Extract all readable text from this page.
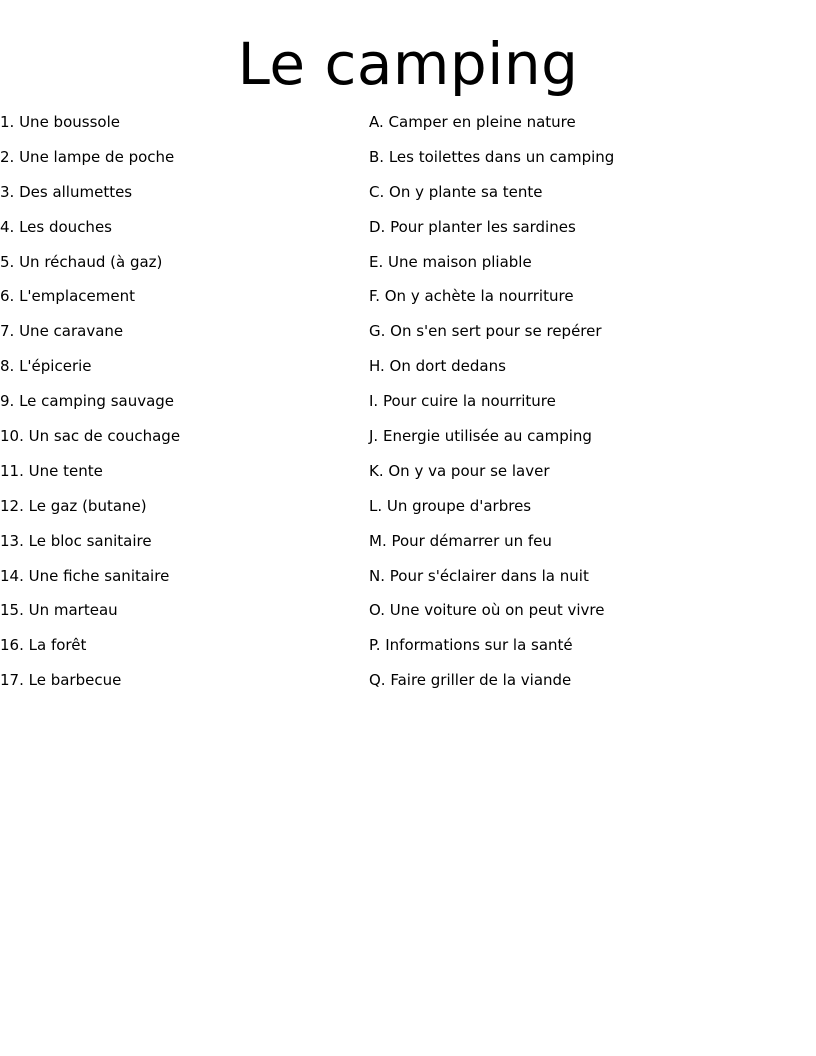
Le camping
1. Une boussole
2. Une lampe de poche
3. Des allumettes
4. Les douches
5. Un réchaud (à gaz)
6. L'emplacement
7. Une caravane
8. L'épicerie
9. Le camping sauvage
10. Un sac de couchage
11. Une tente
12. Le gaz (butane)
13. Le bloc sanitaire
14. Une fiche sanitaire
15. Un marteau
16. La forêt
17. Le barbecue
A. Camper en pleine nature
B. Les toilettes dans un camping
C. On y plante sa tente
D. Pour planter les sardines
E. Une maison pliable
F. On y achète la nourriture
G. On s'en sert pour se repérer
H. On dort dedans
I. Pour cuire la nourriture
J. Energie utilisée au camping
K. On y va pour se laver
L. Un groupe d'arbres
M. Pour démarrer un feu
N. Pour s'éclairer dans la nuit
O. Une voiture où on peut vivre
P. Informations sur la santé
Q. Faire griller de la viande
